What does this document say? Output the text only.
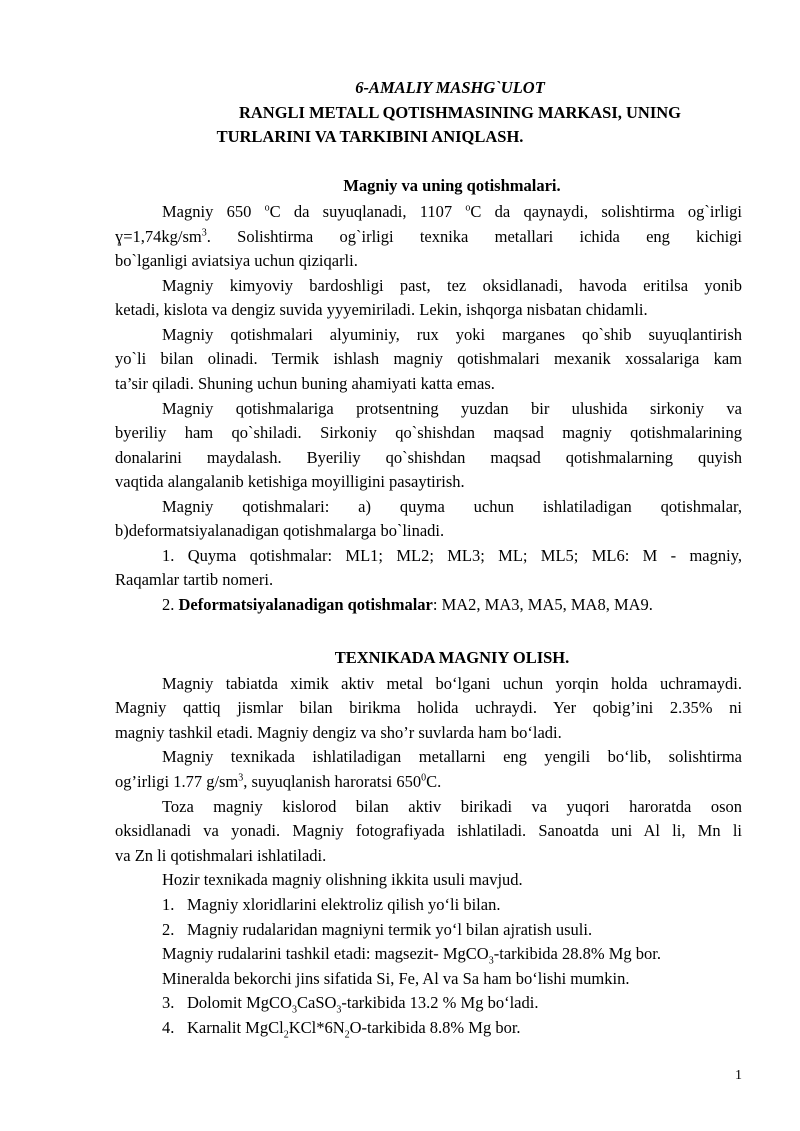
6-AMALIY MASHG`ULOT
RANGLI METALL QOTISHMASINING MARKASI, UNING
TURLARINI VA TARKIBINI ANIQLASH.
Magniy va uning qotishmalari.
Magniy 650 $^o$C da suyuqlanadi, 1107 $^o$C da qaynaydi, solishtirma og`irligi
$ɣ=1,74kg/sm^3$. Solishtirma og`irligi texnika metallari ichida eng kichigi
bo`lganligi aviatsiya uchun qiziqarli.
Magniy kimyoviy bardoshligi past, tez oksidlanadi, havoda eritilsa yonib
ketadi, kislota va dengiz suvida yyyemiriladi. Lekin, ishqorga nisbatan chidamli.
Magniy qotishmalari alyuminiy, rux yoki marganes qo`shib suyuqlantirish
yo`li bilan olinadi. Termik ishlash magniy qotishmalari mexanik xossalariga kam
ta’sir qiladi. Shuning uchun buning ahamiyati katta emas.
Magniy qotishmalariga protsentning yuzdan bir ulushida sirkoniy va
byeriliy ham qo`shiladi. Sirkoniy qo`shishdan maqsad magniy qotishmalarining
donalarini maydalash. Byeriliy qo`shishdan maqsad qotishmalarning quyish
vaqtida alangalanib ketishiga moyilligini pasaytirish.
Magniy qotishmalari: a) quyma uchun ishlatiladigan qotishmalar,
b)deformatsiyalanadigan qotishmalarga bo`linadi.
1. Quyma qotishmalar: ML1; ML2; ML3; ML; ML5; ML6: M - magniy,
Raqamlar tartib nomeri.
2. Deformatsiyalanadigan qotishmalar: MA2, MA3, MA5, MA8, MA9.
TEXNIKADA MAGNIY OLISH.
Magniy tabiatda ximik aktiv metal bo‘lgani uchun yorqin holda uchramaydi.
Magniy qattiq jismlar bilan birikma holida uchraydi. Yer qobig’ini 2.35% ni
magniy tashkil etadi. Magniy dengiz va sho’r suvlarda ham bo‘ladi.
Magniy texnikada ishlatiladigan metallarni eng yengili bo‘lib, solishtirma
og’irligi 1.77 $g/sm^3$, suyuqlanish haroratsi $650^0C$.
Toza magniy kislorod bilan aktiv birikadi va yuqori haroratda oson
oksidlanadi va yonadi. Magniy fotografiyada ishlatiladi. Sanoatda uni Al li, Mn li
va Zn li qotishmalari ishlatiladi.
Hozir texnikada magniy olishning ikkita usuli mavjud.
1. Magniy xloridlarini elektroliz qilish yo‘li bilan.
2. Magniy rudalaridan magniyni termik yo‘l bilan ajratish usuli.
Magniy rudalarini tashkil etadi: magsezit- MgCO$_3$-tarkibida 28.8% Mg bor.
Mineralda bekorchi jins sifatida Si, Fe, Al va Sa ham bo‘lishi mumkin.
3. Dolomit MgCO$_3$CaSO$_3$-tarkibida 13.2 % Mg bo‘ladi.
4. Karnalit $MgCl_2KCl*6N_2O$-tarkibida 8.8% Mg bor.
1
